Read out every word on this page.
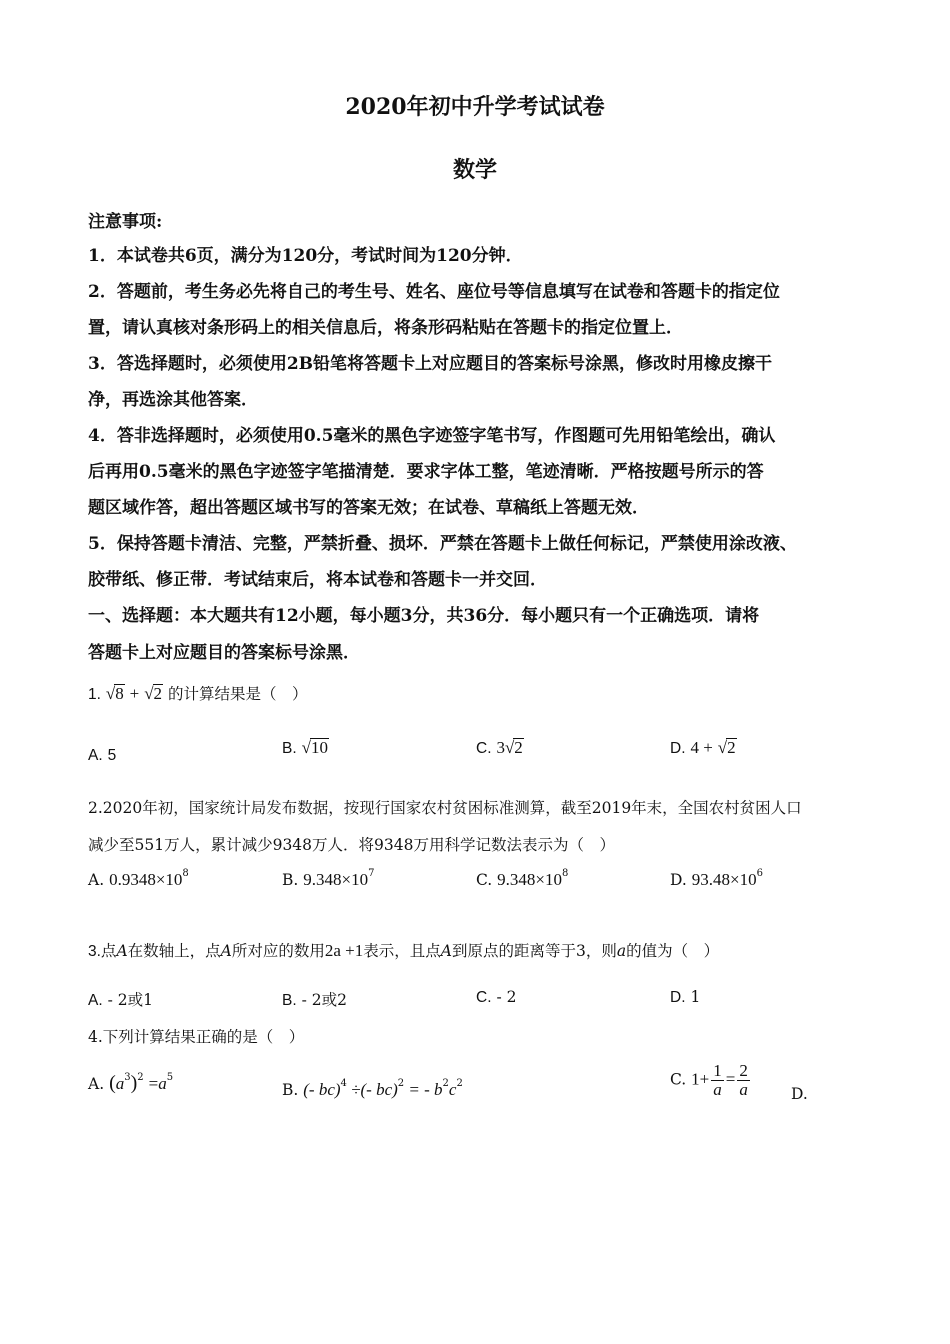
2020年初中升学考试试卷
数学
注意事项:
1．本试卷共6页，满分为120分，考试时间为120分钟．
2．答题前，考生务必先将自己的考生号、姓名、座位号等信息填写在试卷和答题卡的指定位
置，请认真核对条形码上的相关信息后，将条形码粘贴在答题卡的指定位置上．
3．答选择题时，必须使用2B铅笔将答题卡上对应题目的答案标号涂黑，修改时用橡皮擦干
净，再选涂其他答案．
4．答非选择题时，必须使用0.5毫米的黑色字迹签字笔书写，作图题可先用铅笔绘出，确认
后再用0.5毫米的黑色字迹签字笔描清楚．要求字体工整，笔迹清晰．严格按题号所示的答
题区域作答，超出答题区域书写的答案无效；在试卷、草稿纸上答题无效．
5．保持答题卡清洁、完整，严禁折叠、损坏．严禁在答题卡上做任何标记，严禁使用涂改液、
胶带纸、修正带．考试结束后，将本试卷和答题卡一并交回．
一、选择题：本大题共有12小题，每小题3分，共36分．每小题只有一个正确选项．请将
答题卡上对应题目的答案标号涂黑．
1. √8 + √2 的计算结果是（　）
A. 5	B. √10	C. 3√2	D. 4 + √2
2.2020年初，国家统计局发布数据，按现行国家农村贫困标准测算，截至2019年末，全国农村贫困人口
减少至551万人，累计减少9348万人．将9348万用科学记数法表示为（　）
A. $0.9348\times 10^8$	B. $9.348\times 10^7$	C. $9.348\times 10^8$	D. $93.48\times 10^6$
3.点A在数轴上，点A所对应的数用2a +1表示，且点A到原点的距离等于3，则a的值为（　）
A. - 2或1	B. - 2或2	C. - 2	D. 1
4.下列计算结果正确的是（　）
A. $(a^3)^2 =a^5$
B. (- bc)$^4$ ÷(- bc)$^2$ = - $b^2c^2$	C. $1+ \frac{1}{a} = \frac{2}{a}$	D.
